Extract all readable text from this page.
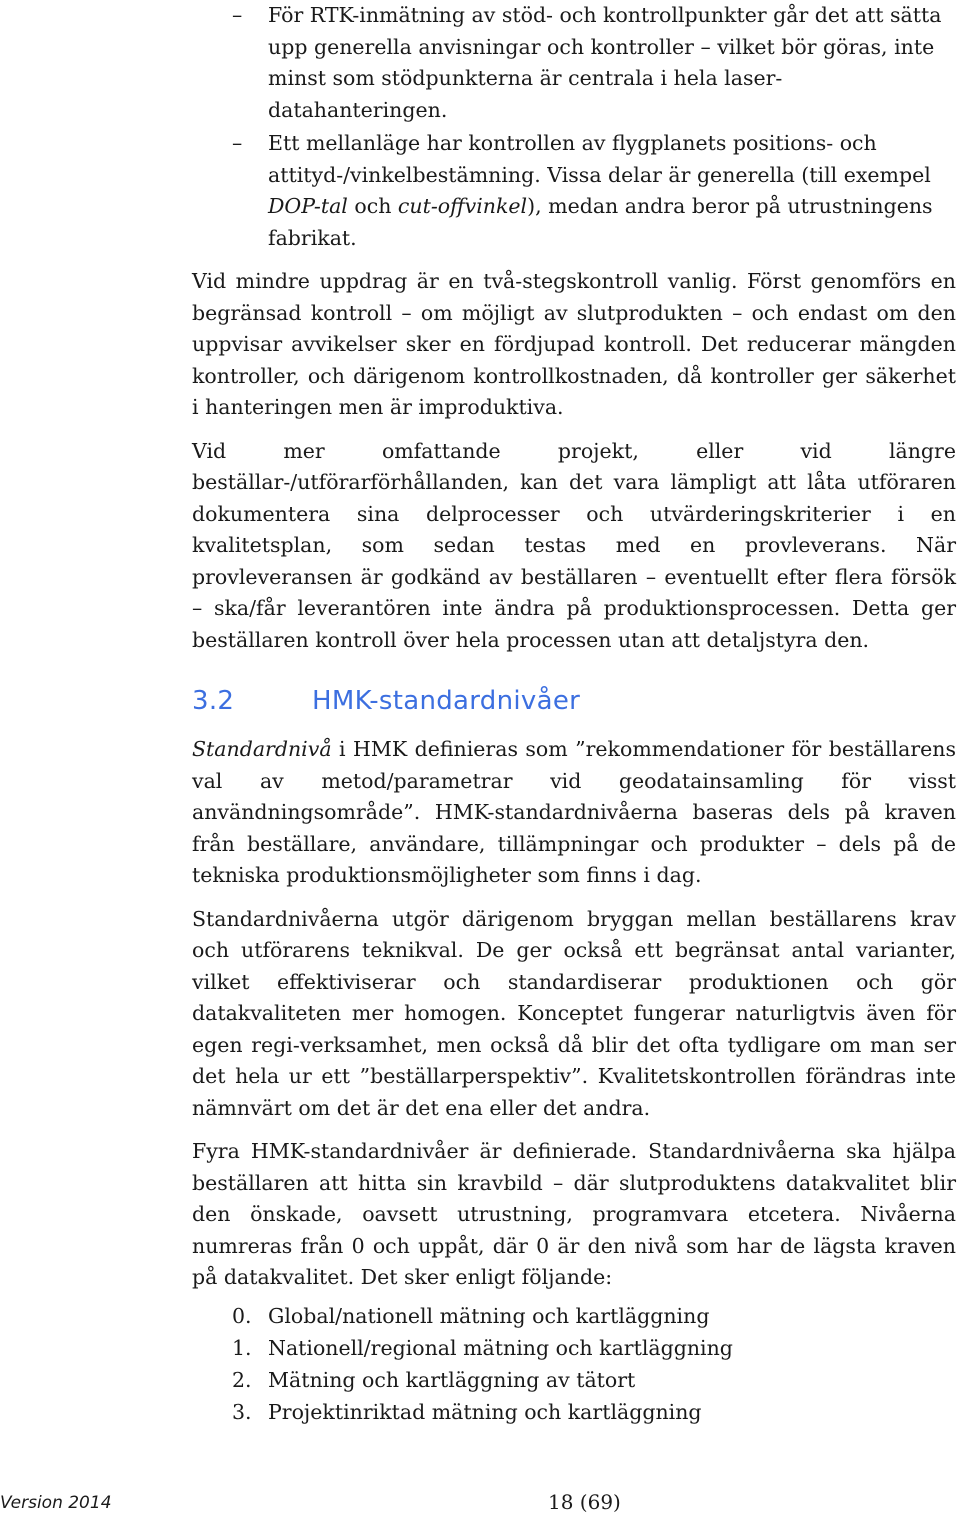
– För RTK-inmätning av stöd- och kontrollpunkter går det att sätta upp generella anvisningar och kontroller – vilket bör göras, inte minst som stödpunkterna är centrala i hela laser-datahanteringen.
– Ett mellanläge har kontrollen av flygplanets positions- och attityd-/vinkelbestämning. Vissa delar är generella (till exempel DOP-tal och cut-offvinkel), medan andra beror på utrustningens fabrikat.

Vid mindre uppdrag är en två-stegskontroll vanlig. Först genomförs en begränsad kontroll – om möjligt av slutprodukten – och endast om den uppvisar avvikelser sker en fördjupad kontroll. Det reducerar mängden kontroller, och därigenom kontrollkostnaden, då kontroller ger säkerhet i hanteringen men är improduktiva.

Vid mer omfattande projekt, eller vid längre beställar-/utförarförhållanden, kan det vara lämpligt att låta utföraren dokumentera sina delprocesser och utvärderingskriterier i en kvalitetsplan, som sedan testas med en provleverans. När provleveransen är godkänd av beställaren – eventuellt efter flera försök – ska/får leverantören inte ändra på produktionsprocessen. Detta ger beställaren kontroll över hela processen utan att detaljstyra den.

3.2	HMK-standardnivåer

Standardnivå i HMK definieras som ”rekommendationer för beställarens val av metod/parametrar vid geodatainsamling för visst användningsområde”. HMK-standardnivåerna baseras dels på kraven från beställare, användare, tillämpningar och produkter – dels på de tekniska produktionsmöjligheter som finns i dag.

Standardnivåerna utgör därigenom bryggan mellan beställarens krav och utförarens teknikval. De ger också ett begränsat antal varianter, vilket effektiviserar och standardiserar produktionen och gör datakvaliteten mer homogen. Konceptet fungerar naturligtvis även för egen regi-verksamhet, men också då blir det ofta tydligare om man ser det hela ur ett ”beställarperspektiv”. Kvalitetskontrollen förändras inte nämnvärt om det är det ena eller det andra.

Fyra HMK-standardnivåer är definierade. Standardnivåerna ska hjälpa beställaren att hitta sin kravbild – där slutproduktens datakvalitet blir den önskade, oavsett utrustning, programvara etcetera. Nivåerna numreras från 0 och uppåt, där 0 är den nivå som har de lägsta kraven på datakvalitet. Det sker enligt följande:

0. Global/nationell mätning och kartläggning
1. Nationell/regional mätning och kartläggning
2. Mätning och kartläggning av tätort
3. Projektinriktad mätning och kartläggning
Version 2014	18 (69)
